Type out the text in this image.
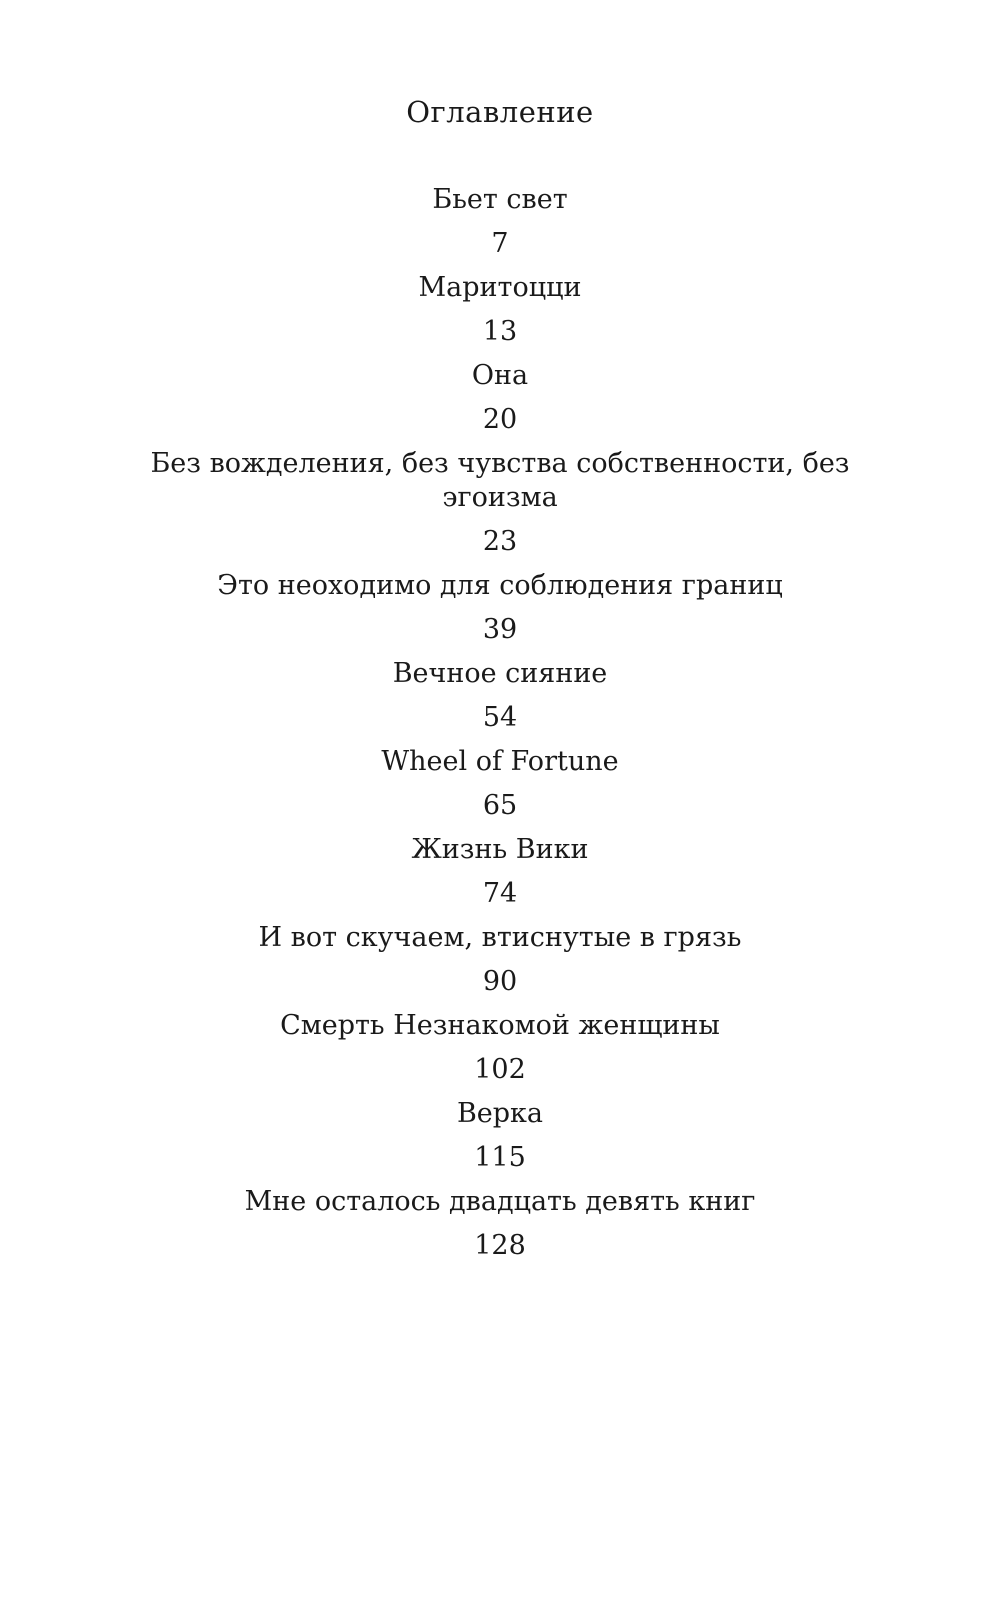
Оглавление
Бьет свет
7
Маритоцци
13
Она
20
Без вожделения, без чувства собственности, без эгоизма
23
Это неоходимо для соблюдения границ
39
Вечное сияние
54
Wheel of Fortune
65
Жизнь Вики
74
И вот скучаем, втиснутые в грязь
90
Смерть Незнакомой женщины
102
Верка
115
Мне осталось двадцать девять книг
128
